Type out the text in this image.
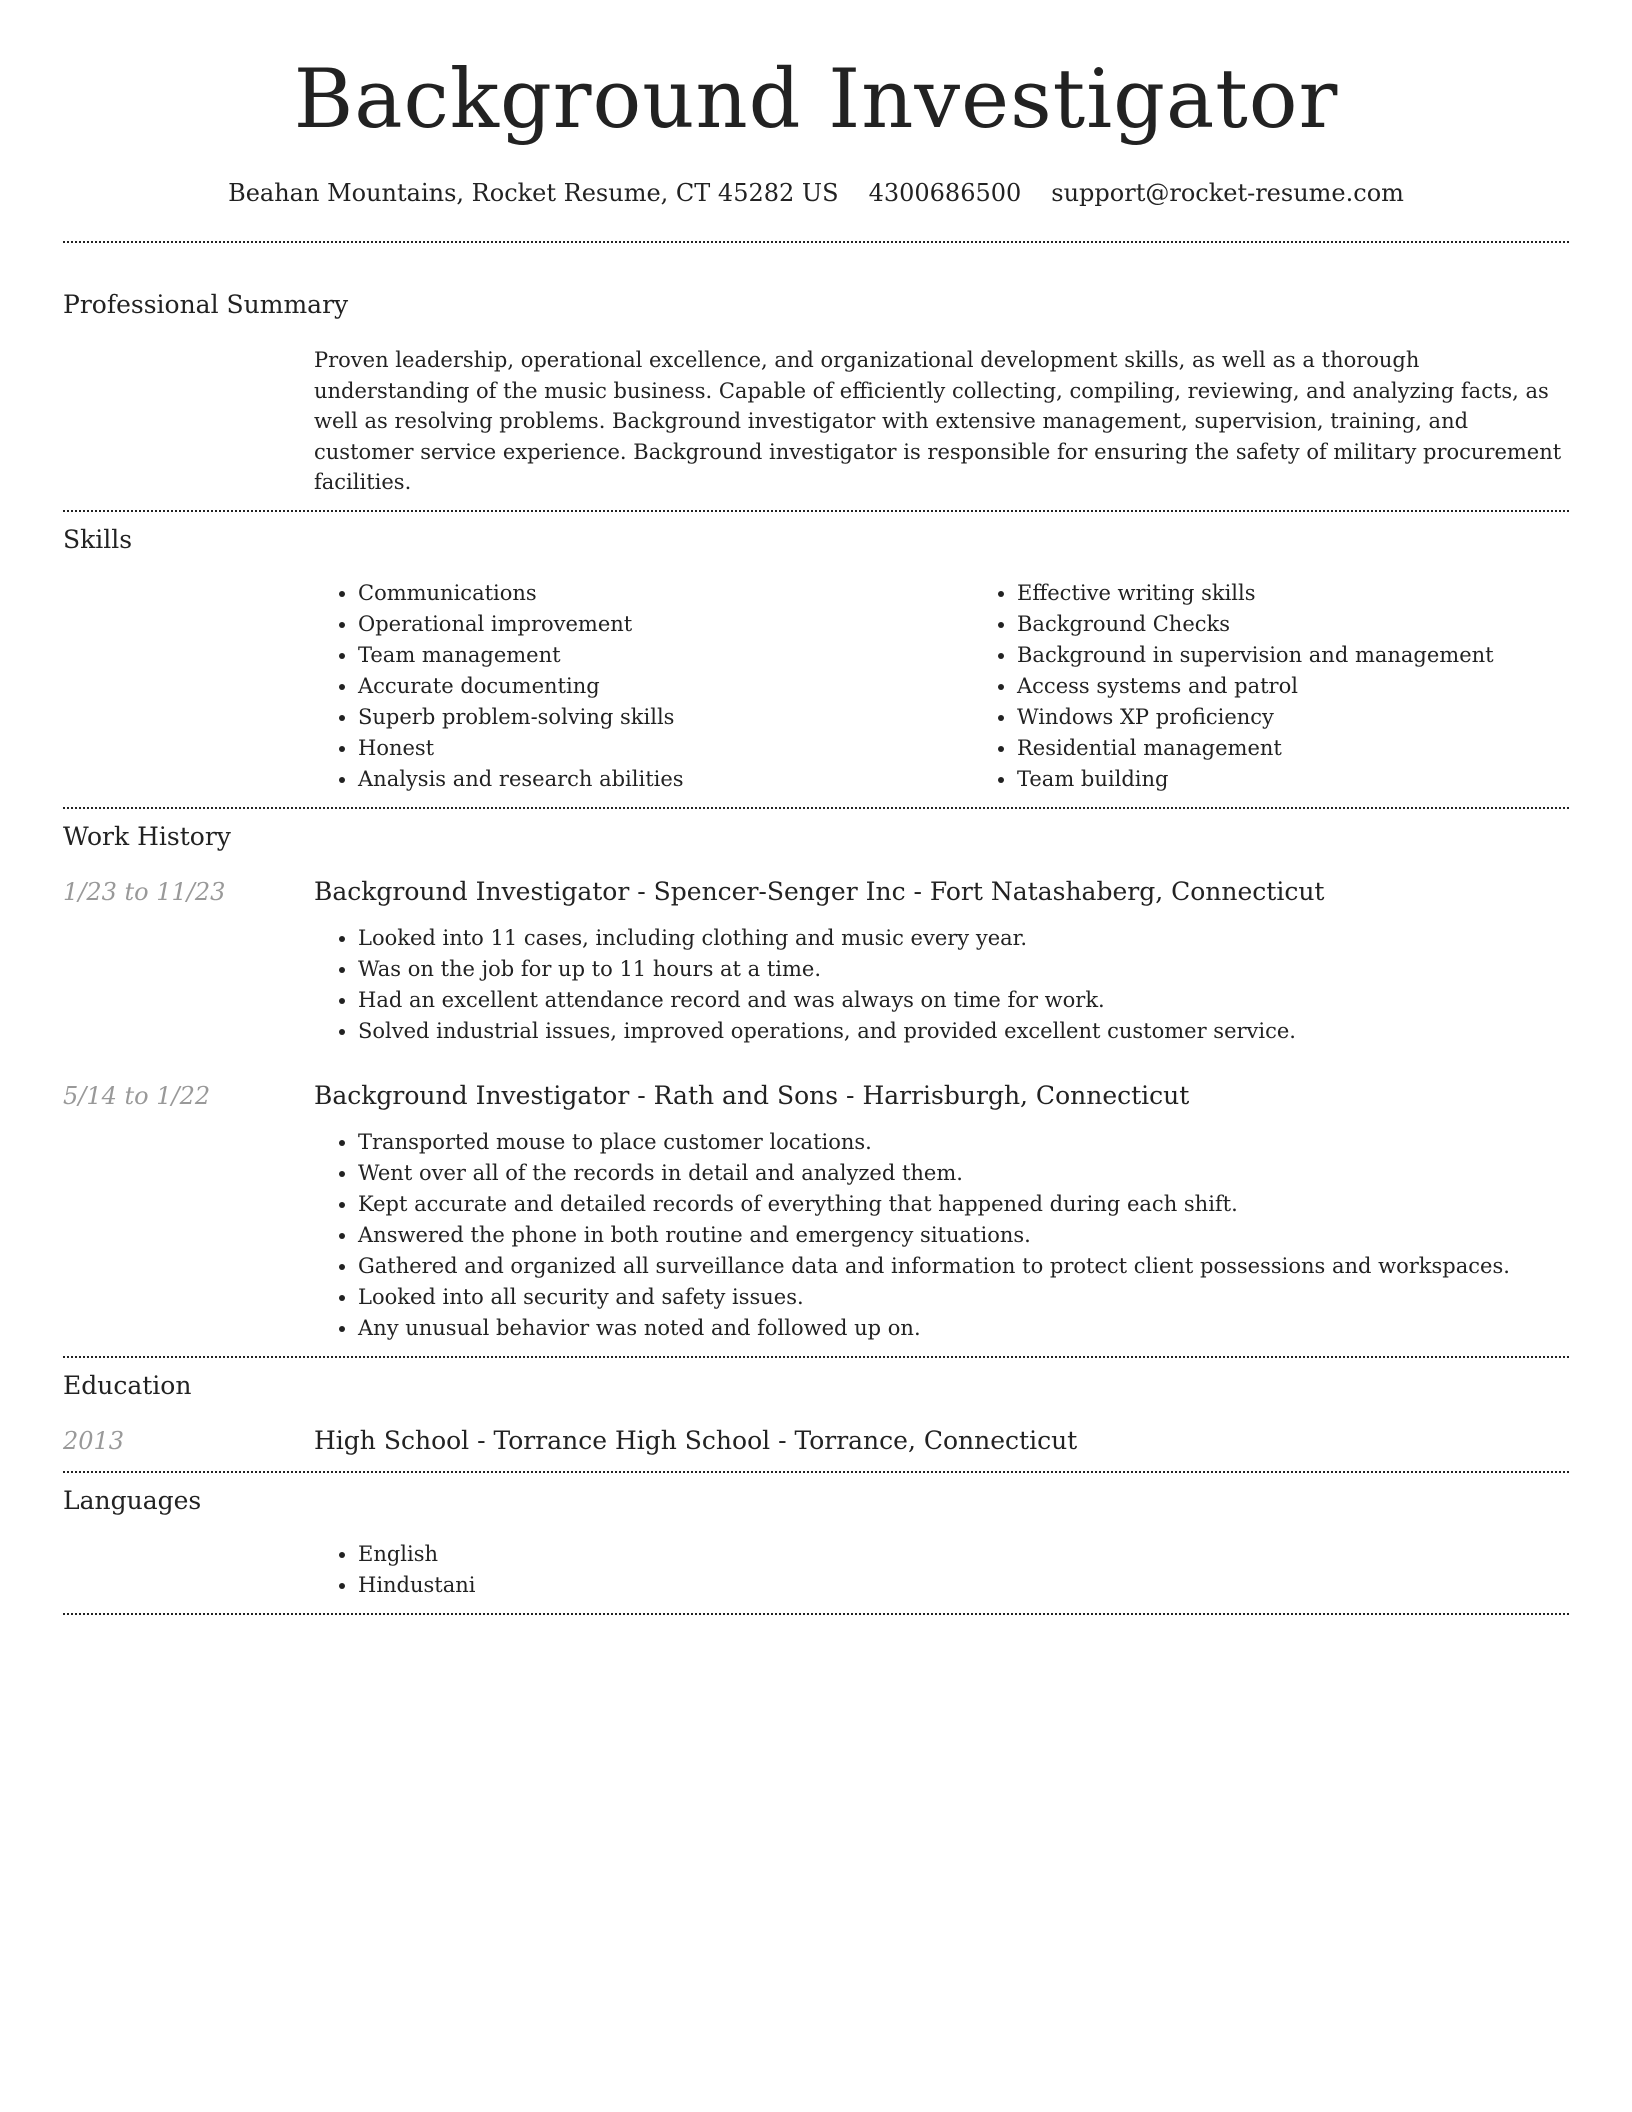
Background Investigator
Beahan Mountains, Rocket Resume, CT 45282 US 4300686500 support@rocket-resume.com
Professional Summary

Proven leadership, operational excellence, and organizational development skills, as well as a thorough understanding of the music business. Capable of efficiently collecting, compiling, reviewing, and analyzing facts, as well as resolving problems. Background investigator with extensive management, supervision, training, and customer service experience. Background investigator is responsible for ensuring the safety of military procurement facilities.

Skills
• Communications
• Operational improvement
• Team management
• Accurate documenting
• Superb problem-solving skills
• Honest
• Analysis and research abilities
• Effective writing skills
• Background Checks
• Background in supervision and management
• Access systems and patrol
• Windows XP proficiency
• Residential management
• Team building
Work History
1/23 to 11/23	Background Investigator - Spencer-Senger Inc - Fort Natashaberg, Connecticut
• Looked into 11 cases, including clothing and music every year.
• Was on the job for up to 11 hours at a time.
• Had an excellent attendance record and was always on time for work.
• Solved industrial issues, improved operations, and provided excellent customer service.
5/14 to 1/22	Background Investigator - Rath and Sons - Harrisburgh, Connecticut
• Transported mouse to place customer locations.
• Went over all of the records in detail and analyzed them.
• Kept accurate and detailed records of everything that happened during each shift.
• Answered the phone in both routine and emergency situations.
• Gathered and organized all surveillance data and information to protect client possessions and workspaces.
• Looked into all security and safety issues.
• Any unusual behavior was noted and followed up on.
Education
2013	High School - Torrance High School - Torrance, Connecticut
Languages
• English
• Hindustani
